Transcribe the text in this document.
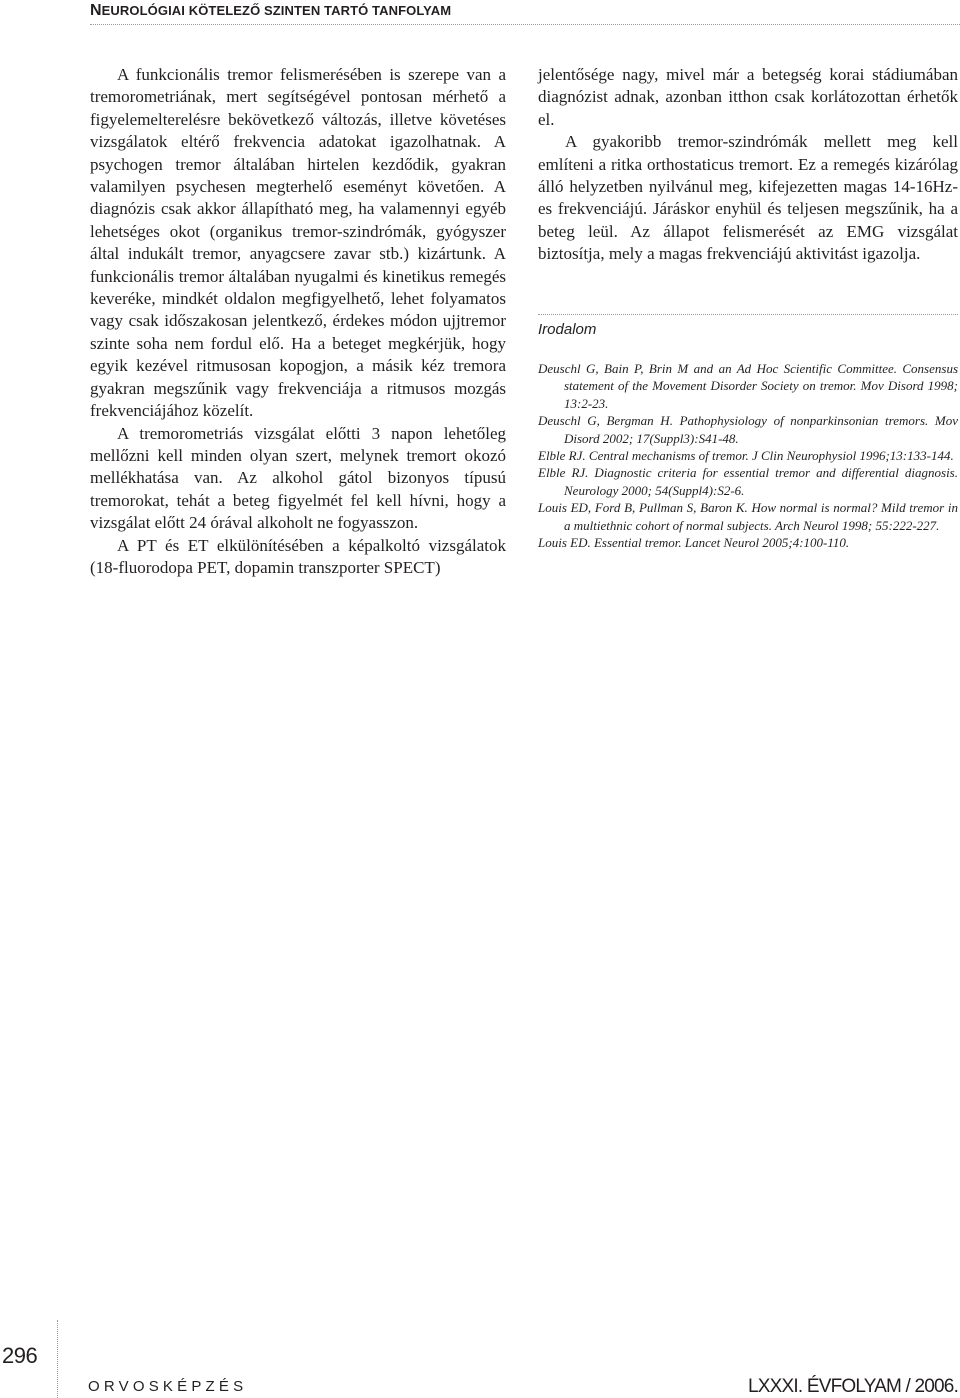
NEUROLÓGIAI KÖTELEZŐ SZINTEN TARTÓ TANFOLYAM

A funkcionális tremor felismerésében is szerepe van a tremorometriának, mert segítségével pontosan mérhető a figyelemelterelésre bekövetkező változás, illetve követéses vizsgálatok eltérő frekvencia adatokat igazolhatnak. A psychogen tremor általában hirtelen kezdődik, gyakran valamilyen psychesen megterhelő eseményt követően. A diagnózis csak akkor állapítható meg, ha valamennyi egyéb lehetséges okot (organikus tremor-szindrómák, gyógyszer által indukált tremor, anyagcsere zavar stb.) kizártunk. A funkcionális tremor általában nyugalmi és kinetikus remegés keveréke, mindkét oldalon megfigyelhető, lehet folyamatos vagy csak időszakosan jelentkező, érdekes módon ujjtremor szinte soha nem fordul elő. Ha a beteget megkérjük, hogy egyik kezével ritmusosan kopogjon, a másik kéz tremora gyakran megszűnik vagy frekvenciája a ritmusos mozgás frekvenciájához közelít.

A tremorometriás vizsgálat előtti 3 napon lehetőleg mellőzni kell minden olyan szert, melynek tremort okozó mellékhatása van. Az alkohol gátol bizonyos típusú tremorokat, tehát a beteg figyelmét fel kell hívni, hogy a vizsgálat előtt 24 órával alkoholt ne fogyasszon.

A PT és ET elkülönítésében a képalkoltó vizsgálatok (18-fluorodopa PET, dopamin transzporter SPECT)

jelentősége nagy, mivel már a betegség korai stádiumában diagnózist adnak, azonban itthon csak korlátozottan érhetők el.

A gyakoribb tremor-szindrómák mellett meg kell említeni a ritka orthostaticus tremort. Ez a remegés kizárólag álló helyzetben nyilvánul meg, kifejezetten magas 14-16Hz-es frekvenciájú. Járáskor enyhül és teljesen megszűnik, ha a beteg leül. Az állapot felismerését az EMG vizsgálat biztosítja, mely a magas frekvenciájú aktivitást igazolja.

Irodalom
Deuschl G, Bain P, Brin M and an Ad Hoc Scientific Committee. Consensus statement of the Movement Disorder Society on tremor. Mov Disord 1998; 13:2-23.
Deuschl G, Bergman H. Pathophysiology of nonparkinsonian tremors. Mov Disord 2002; 17(Suppl3):S41-48.
Elble RJ. Central mechanisms of tremor. J Clin Neurophysiol 1996;13:133-144.
Elble RJ. Diagnostic criteria for essential tremor and differential diagnosis. Neurology 2000; 54(Suppl4):S2-6.
Louis ED, Ford B, Pullman S, Baron K. How normal is normal? Mild tremor in a multiethnic cohort of normal subjects. Arch Neurol 1998; 55:222-227.
Louis ED. Essential tremor. Lancet Neurol 2005;4:100-110.
296
ORVOSKÉPZÉS	LXXXI. ÉVFOLYAM / 2006.
